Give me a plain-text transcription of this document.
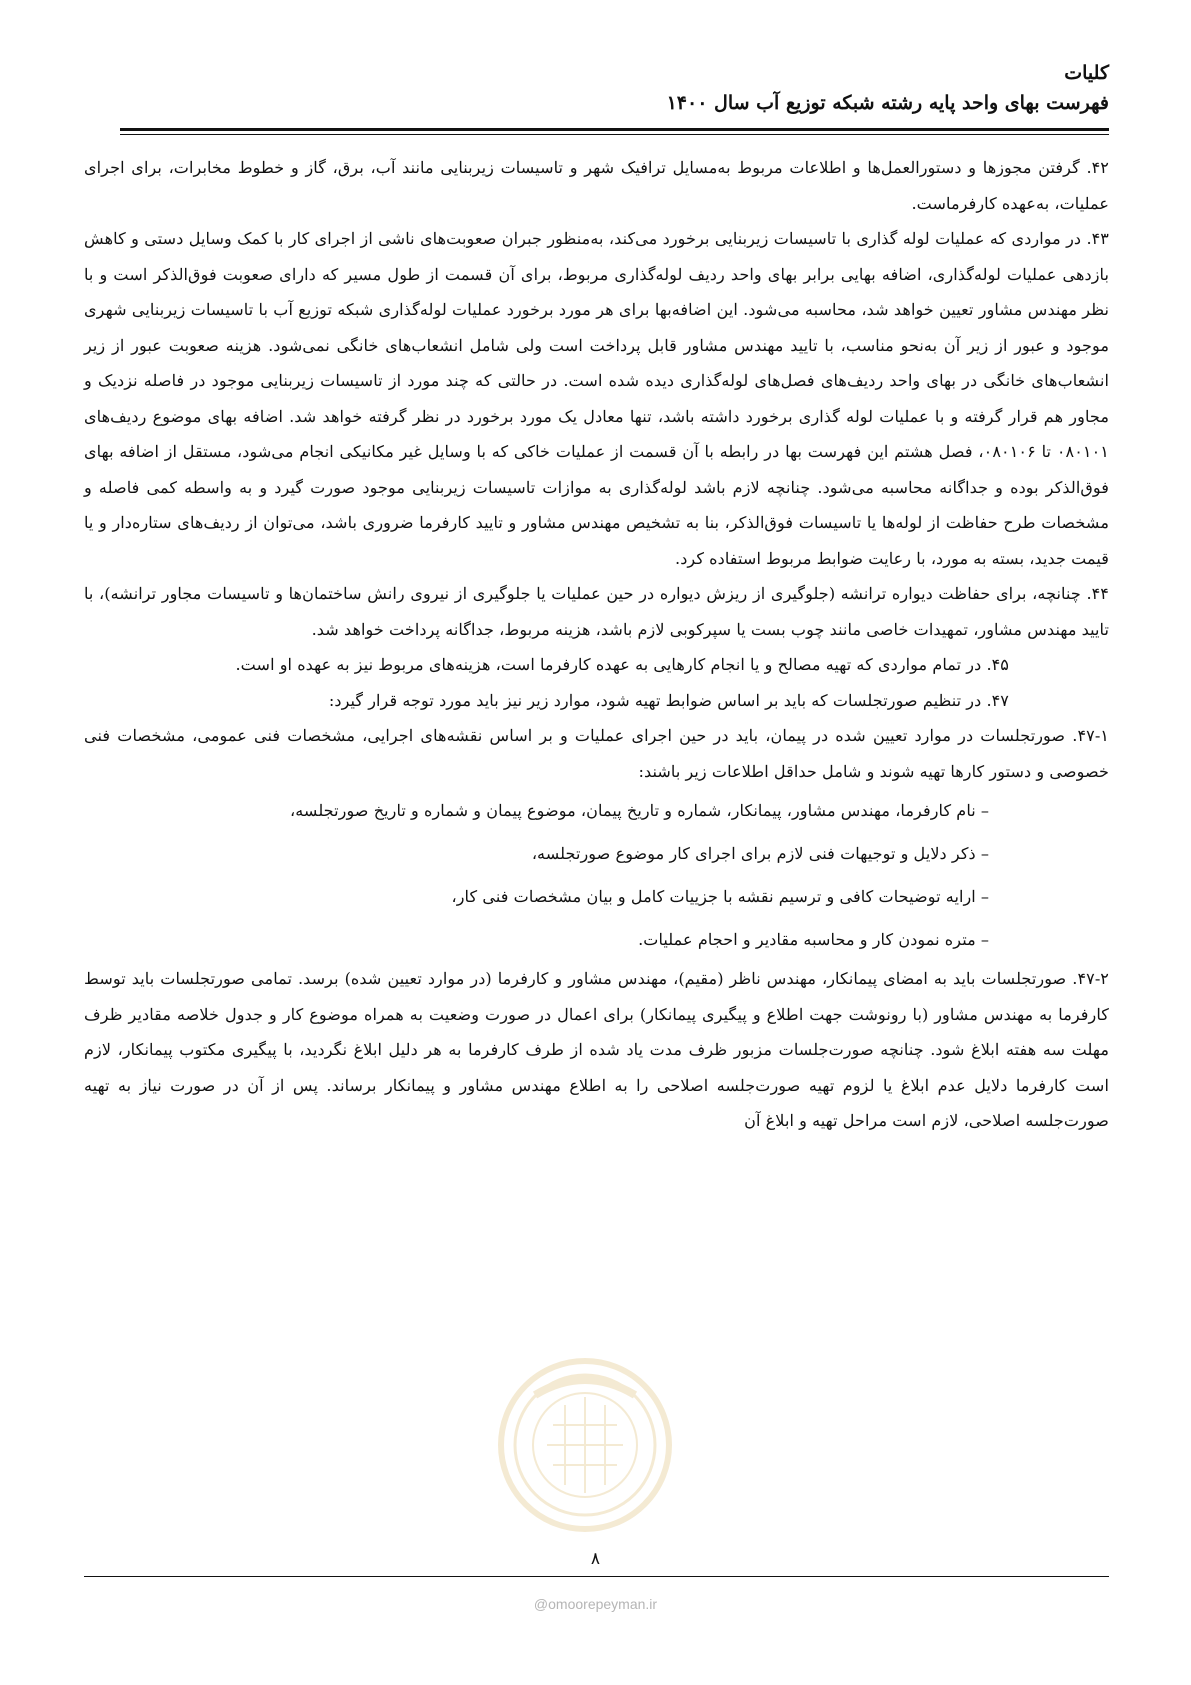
کلیات
فهرست بهای واحد پایه رشته شبکه توزیع آب سال ۱۴۰۰

۴۲. گرفتن مجوزها و دستورالعمل‌ها و اطلاعات مربوط به‌مسایل ترافیک شهر و تاسیسات زیربنایی مانند آب، برق، گاز و خطوط مخابرات، برای اجرای عملیات، به‌عهده کارفرماست.

۴۳. در مواردی که عملیات لوله گذاری با تاسیسات زیربنایی برخورد می‌کند، به‌منظور جبران صعوبت‌های ناشی از اجرای کار با کمک وسایل دستی و کاهش بازدهی عملیات لوله‌گذاری، اضافه بهایی برابر بهای واحد ردیف لوله‌گذاری مربوط، برای آن قسمت از طول مسیر که دارای صعوبت فوق‌الذکر است و با نظر مهندس مشاور تعیین خواهد شد، محاسبه می‌شود. این اضافه‌بها برای هر مورد برخورد عملیات لوله‌گذاری شبکه توزیع آب با تاسیسات زیربنایی شهری موجود و عبور از زیر آن به‌نحو مناسب، با تایید مهندس مشاور قابل پرداخت است ولی شامل انشعاب‌های خانگی نمی‌شود. هزینه صعوبت عبور از زیر انشعاب‌های خانگی در بهای واحد ردیف‌های فصل‌های لوله‌گذاری دیده شده است. در حالتی که چند مورد از تاسیسات زیربنایی موجود در فاصله نزدیک و مجاور هم قرار گرفته و با عملیات لوله گذاری برخورد داشته باشد، تنها معادل یک مورد برخورد در نظر گرفته خواهد شد. اضافه بهای موضوع ردیف‌های ۰۸۰۱۰۱ تا ۰۸۰۱۰۶، فصل هشتم این فهرست بها در رابطه با آن قسمت از عملیات خاکی که با وسایل غیر مکانیکی انجام می‌شود، مستقل از اضافه بهای فوق‌الذکر بوده و جداگانه محاسبه می‌شود. چنانچه لازم باشد لوله‌گذاری به موازات تاسیسات زیربنایی موجود صورت گیرد و به واسطه کمی فاصله و مشخصات طرح حفاظت از لوله‌ها یا تاسیسات فوق‌الذکر، بنا به تشخیص مهندس مشاور و تایید کارفرما ضروری باشد، می‌توان از ردیف‌های ستاره‌دار و یا قیمت جدید، بسته به مورد، با رعایت ضوابط مربوط استفاده کرد.

۴۴. چنانچه، برای حفاظت دیواره ترانشه (جلوگیری از ریزش دیواره در حین عملیات یا جلوگیری از نیروی رانش ساختمان‌ها و تاسیسات مجاور ترانشه)، با تایید مهندس مشاور، تمهیدات خاصی مانند چوب بست یا سپرکوبی لازم باشد، هزینه مربوط، جداگانه پرداخت خواهد شد.

۴۵. در تمام مواردی که تهیه مصالح و یا انجام کارهایی به عهده کارفرما است، هزینه‌های مربوط نیز به عهده او است.

۴۷. در تنظیم صورتجلسات که باید بر اساس ضوابط تهیه شود، موارد زیر نیز باید مورد توجه قرار گیرد:

۴۷-۱. صورتجلسات در موارد تعیین شده در پیمان، باید در حین اجرای عملیات و بر اساس نقشه‌های اجرایی، مشخصات فنی عمومی، مشخصات فنی خصوصی و دستور کارها تهیه شوند و شامل حداقل اطلاعات زیر باشند:

– نام کارفرما، مهندس مشاور، پیمانکار، شماره و تاریخ پیمان، موضوع پیمان و شماره و تاریخ صورتجلسه،

– ذکر دلایل و توجیهات فنی لازم برای اجرای کار موضوع صورتجلسه،

– ارایه توضیحات کافی و ترسیم نقشه با جزییات کامل و بیان مشخصات فنی کار،

– متره نمودن کار و محاسبه مقادیر و احجام عملیات.

۴۷-۲. صورتجلسات باید به امضای پیمانکار، مهندس ناظر (مقیم)، مهندس مشاور و کارفرما (در موارد تعیین شده) برسد. تمامی صورتجلسات باید توسط کارفرما به مهندس مشاور (با رونوشت جهت اطلاع و پیگیری پیمانکار) برای اعمال در صورت وضعیت به همراه موضوع کار و جدول خلاصه مقادیر ظرف مهلت سه هفته ابلاغ شود. چنانچه صورت‌جلسات مزبور ظرف مدت یاد شده از طرف کارفرما به هر دلیل ابلاغ نگردید، با پیگیری مکتوب پیمانکار، لازم است کارفرما دلایل عدم ابلاغ یا لزوم تهیه صورت‌جلسه اصلاحی را به اطلاع مهندس مشاور و پیمانکار برساند. پس از آن در صورت نیاز به تهیه صورت‌جلسه اصلاحی، لازم است مراحل تهیه و ابلاغ آن

۸
@omoorepeyman.ir
